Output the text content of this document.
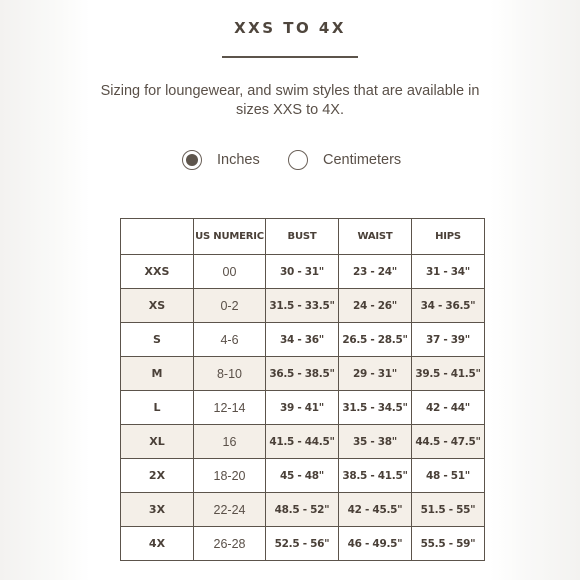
XXS TO 4X
Sizing for loungewear, and swim styles that are available in sizes XXS to 4X.
Inches	Centimeters
	US NUMERIC	BUST	WAIST	HIPS
XXS	00	30 - 31"	23 - 24"	31 - 34"
XS	0-2	31.5 - 33.5"	24 - 26"	34 - 36.5"
S	4-6	34 - 36"	26.5 - 28.5"	37 - 39"
M	8-10	36.5 - 38.5"	29 - 31"	39.5 - 41.5"
L	12-14	39 - 41"	31.5 - 34.5"	42 - 44"
XL	16	41.5 - 44.5"	35 - 38"	44.5 - 47.5"
2X	18-20	45 - 48"	38.5 - 41.5"	48 - 51"
3X	22-24	48.5 - 52"	42 - 45.5"	51.5 - 55"
4X	26-28	52.5 - 56"	46 - 49.5"	55.5 - 59"
